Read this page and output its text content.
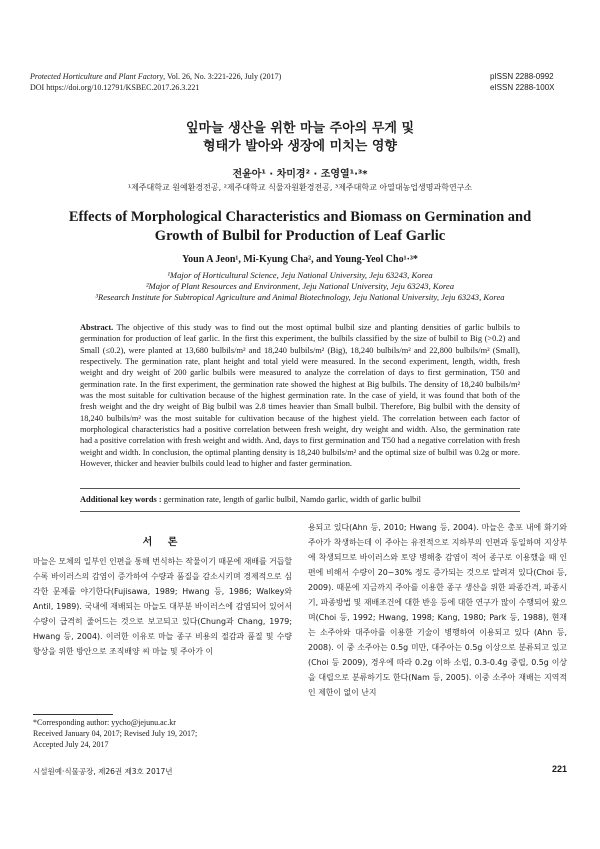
Protected Horticulture and Plant Factory, Vol. 26, No. 3:221-226, July (2017)
DOI https://doi.org/10.12791/KSBEC.2017.26.3.221
pISSN 2288-0992
eISSN 2288-100X
잎마늘 생산을 위한 마늘 주아의 무게 및
형태가 발아와 생장에 미치는 영향
전윤아¹ · 차미경² · 조영열¹·³*
¹제주대학교 원예환경전공, ²제주대학교 식물자원환경전공, ³제주대학교 아열대농업생명과학연구소
Effects of Morphological Characteristics and Biomass on Germination and
Growth of Bulbil for Production of Leaf Garlic
Youn A Jeon¹, Mi-Kyung Cha², and Young-Yeol Cho¹·³*
¹Major of Horticultural Science, Jeju National University, Jeju 63243, Korea
²Major of Plant Resources and Environment, Jeju National University, Jeju 63243, Korea
³Research Institute for Subtropical Agriculture and Animal Biotechnology, Jeju National University, Jeju 63243, Korea
Abstract. The objective of this study was to find out the most optimal bulbil size and planting densities of garlic bulbils to germination for production of leaf garlic. In the first this experiment, the bulbils classified by the size of bulbil to Big (>0.2) and Small (≤0.2), were planted at 13,680 bulbils/m² and 18,240 bulbils/m² (Big), 18,240 bulbils/m² and 22,800 bulbils/m² (Small), respectively. The germination rate, plant height and total yield were measured. In the second experiment, length, width, fresh weight and dry weight of 200 garlic bulbils were measured to analyze the correlation of days to first germination, T50 and germination rate. In the first experiment, the germination rate showed the highest at Big bulbils. The density of 18,240 bulbils/m² was the most suitable for cultivation because of the highest germination rate. In the case of yield, it was found that both of the fresh weight and the dry weight of Big bulbil was 2.8 times heavier than Small bulbil. Therefore, Big bulbil with the density of 18,240 bulbils/m² was the most suitable for cultivation because of the highest yield. The correlation between each factor of morphological characteristics had a positive correlation between fresh weight, dry weight and width. Also, the germination rate had a positive correlation with fresh weight and width. And, days to first germination and T50 had a negative correlation with fresh weight and width. In conclusion, the optimal planting density is 18,240 bulbils/m² and the optimal size of bulbil was 0.2g or more. However, thicker and heavier bulbils could lead to higher and faster germination.
Additional key words : germination rate, length of garlic bulbil, Namdo garlic, width of garlic bulbil
서 론

마늘은 모체의 일부인 인편을 통해 번식하는 작물이기 때문에 재배를 거듭할수록 바이러스의 감염이 증가하여 수량과 품질을 감소시키며 경제적으로 심각한 문제를 야기한다(Fujisawa, 1989; Hwang 등, 1986; Walkey와 Antil, 1989). 국내에 재배되는 마늘도 대부분 바이러스에 감염되어 있어서 수량이 급격히 줄어드는 것으로 보고되고 있다(Chung과 Chang, 1979; Hwang 등, 2004). 이러한 이유로 마늘 종구 비용의 절감과 품질 및 수량 향상을 위한 방안으로 조직배양 씨 마늘 및 주아가 이

용되고 있다(Ahn 등, 2010; Hwang 등, 2004). 마늘은 총포 내에 화기와 주아가 착생하는데 이 주아는 유전적으로 지하부의 인편과 동일하며 지상부에 착생되므로 바이러스와 토양 병해충 감염이 적어 종구로 이용했을 때 인편에 비해서 수량이 20~30% 정도 증가되는 것으로 알려져 있다(Choi 등, 2009). 때문에 지금까지 주아를 이용한 종구 생산을 위한 파종간격, 파종시기, 파종방법 및 재배조건에 대한 반응 등에 대한 연구가 많이 수행되어 왔으며(Choi 등, 1992; Hwang, 1998; Kang, 1980; Park 등, 1988), 현재는 소주아와 대주아를 이용한 기술이 병행하여 이용되고 있다 (Ahn 등, 2008). 이 중 소주아는 0.5g 미만, 대주아는 0.5g 이상으로 분류되고 있고 (Choi 등 2009), 경우에 따라 0.2g 이하 소립, 0.3-0.4g 중립, 0.5g 이상을 대립으로 분류하기도 한다(Nam 등, 2005). 이중 소주아 재배는 지역적인 제한이 없이 난지

*Corresponding author: yycho@jejunu.ac.kr
Received January 04, 2017; Revised July 19, 2017;
Accepted July 24, 2017
시설원예·식물공장, 제26권 제3호 2017년	221
